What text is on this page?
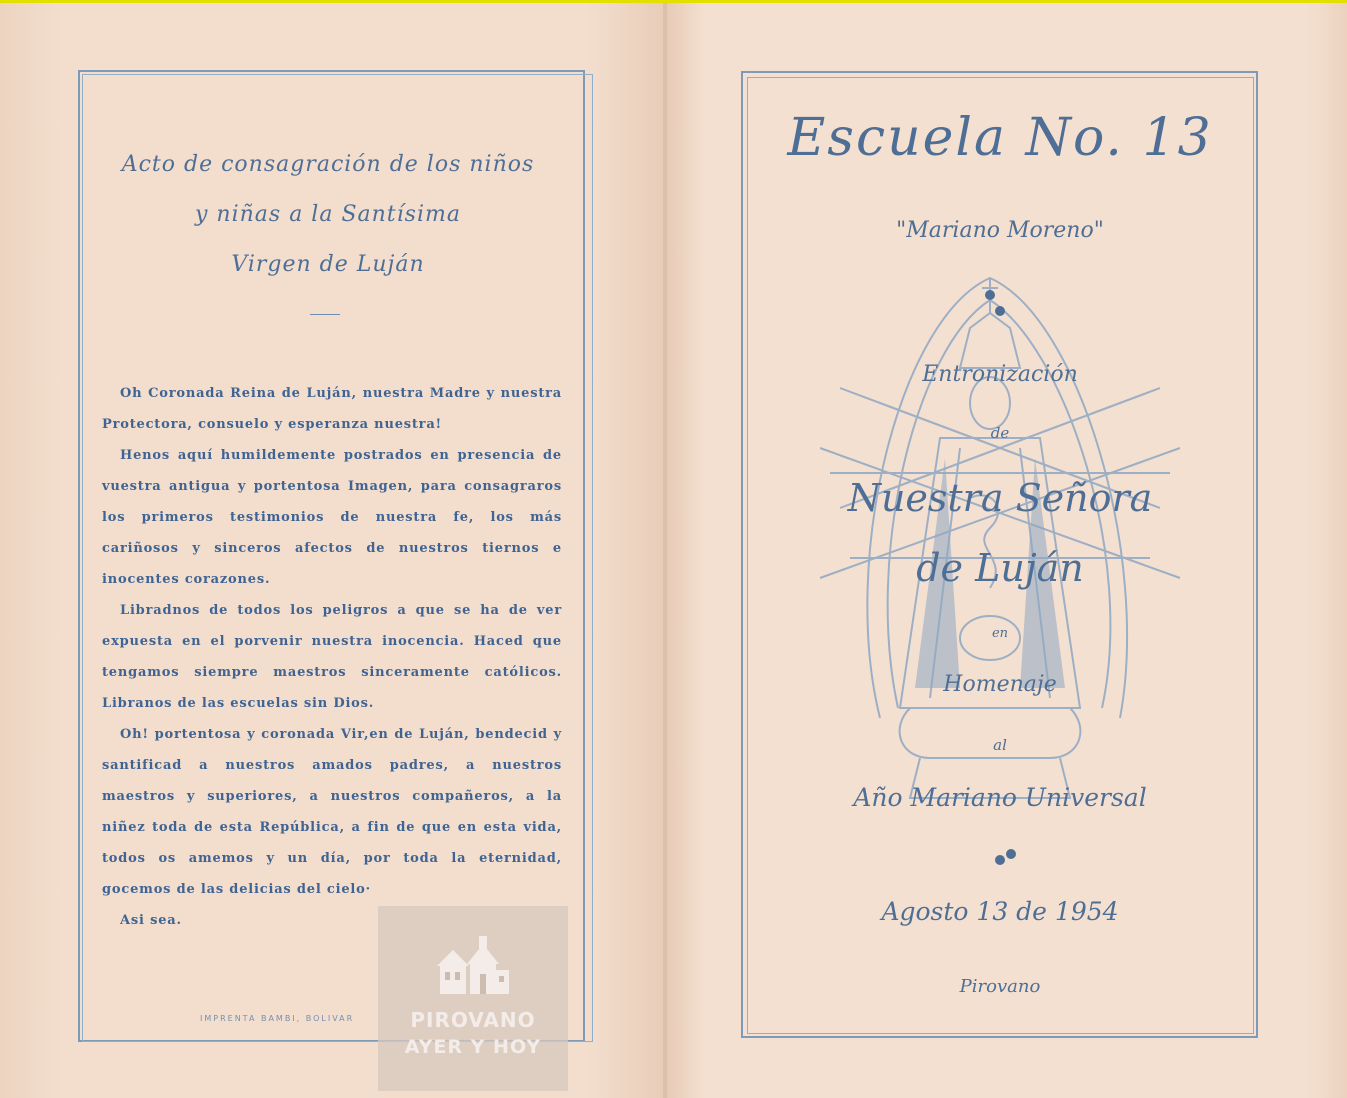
Acto de consagración de los niños
y niñas a la Santísima
Virgen de Luján

Oh Coronada Reina de Luján, nuestra Madre y nuestra Protectora, consuelo y esperanza nuestra!

Henos aquí humildemente postrados en presencia de vuestra antigua y portentosa Imagen, para consagraros los primeros testimonios de nuestra fe, los más cariñosos y sinceros afectos de nuestros tiernos e inocentes corazones.

Libradnos de todos los peligros a que se ha de ver expuesta en el porvenir nuestra inocencia. Haced que tengamos siempre maestros sinceramente católicos. Libranos de las escuelas sin Dios.

Oh! portentosa y coronada Vir,en de Luján, bendecid y santificad a nuestros amados padres, a nuestros maestros y superiores, a nuestros compañeros, a la niñez toda de esta República, a fin de que en esta vida, todos os amemos y un día, por toda la eternidad, gocemos de las delicias del cielo·

Asi sea.

IMPRENTA BAMBI, BOLIVAR	PIROVANO
AYER Y HOY
Escuela No. 13
"Mariano Moreno"
Entronización
de
Nuestra Señora
de Luján
en
Homenaje
al
Año Mariano Universal
Agosto 13 de 1954
Pirovano
